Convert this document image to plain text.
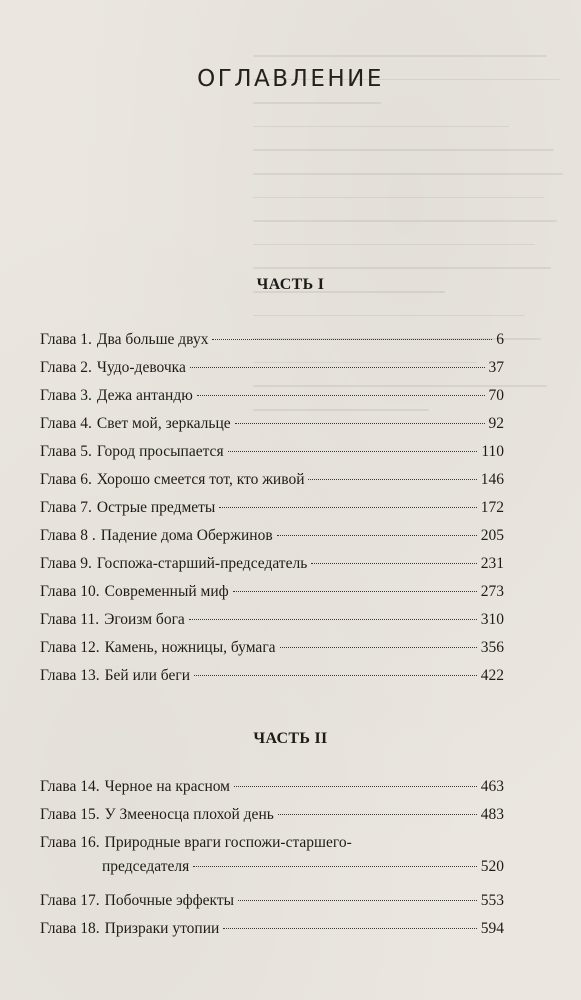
ОГЛАВЛЕНИЕ
ЧАСТЬ I
Глава 1. Два больше двух	6
Глава 2. Чудо-девочка	37
Глава 3. Дежа антандю	70
Глава 4. Свет мой, зеркальце	92
Глава 5. Город просыпается	110
Глава 6. Хорошо смеется тот, кто живой	146
Глава 7. Острые предметы	172
Глава 8 . Падение дома Обержинов	205
Глава 9. Госпожа-старший-председатель	231
Глава 10. Современный миф	273
Глава 11. Эгоизм бога	310
Глава 12. Камень, ножницы, бумага	356
Глава 13. Бей или беги	422
ЧАСТЬ II
Глава 14. Черное на красном	463
Глава 15. У Змееносца плохой день	483
Глава 16. Природные враги госпожи-старшего-
председателя	520
Глава 17. Побочные эффекты	553
Глава 18. Призраки утопии	594
